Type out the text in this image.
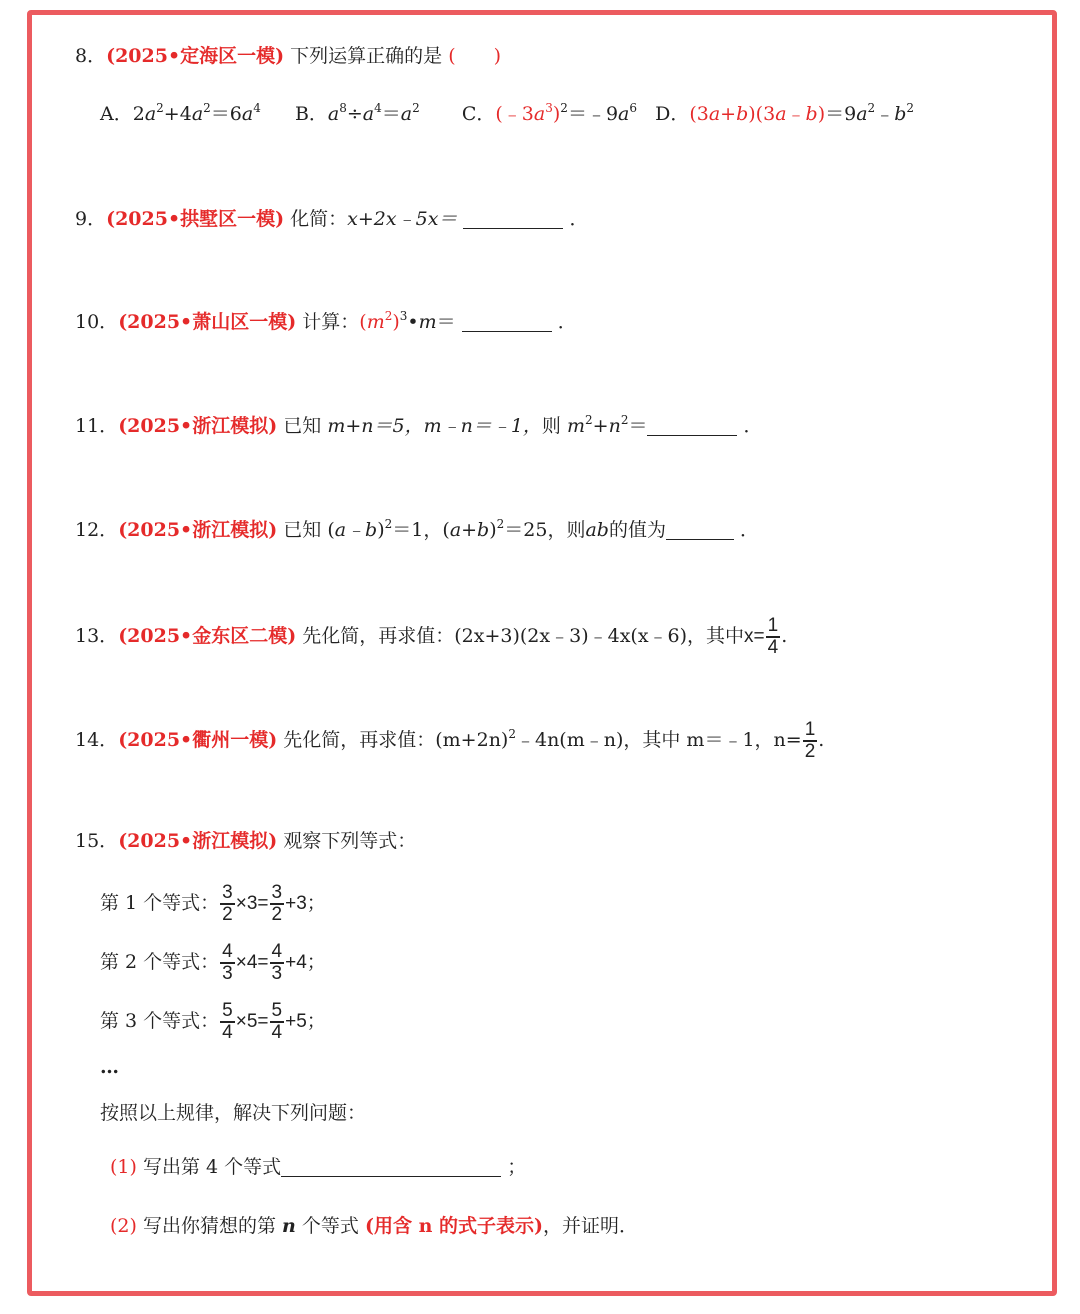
8．(2025•定海区一模) 下列运算正确的是 (　　)
A．$2a^2+4a^2=6a^4$ B．$a^8\div a^4=a^2$ C．$(﹣3a^3)^2=﹣9a^6$ D．$(3a+b)(3a﹣b)=9a^2﹣b^2$
9．(2025•拱墅区一模) 化简：x+2x﹣5x＝	．
10．(2025•萧山区一模) 计算：$(m^2)^3•m=$	．
11．(2025•浙江模拟) 已知 m+n＝5，m﹣n＝﹣1，则 $m^2+n^2=$	．
12．(2025•浙江模拟) 已知 (a﹣b)$^2$＝1，$(a+b)^2=25$，则ab的值为	．
13．(2025•金东区二模) 先化简，再求值：(2x+3)(2x﹣3)﹣4x(x﹣6)，其中$x= \frac{1}{4}$ .
14．(2025•衢州一模) 先化简，再求值：$(m+2n)^2﹣4n(m﹣n)$，其中 m＝﹣1，$n= \frac{1}{2}$ .
15．(2025•浙江模拟) 观察下列等式：
第 1 个等式： $\frac{3}{2} \times 3= \frac{3}{2} +3$；
第 2 个等式： $\frac{4}{3} \times 4= \frac{4}{3} +4$；
第 3 个等式： $\frac{5}{4} \times 5= \frac{5}{4} +5$；
…
按照以上规律，解决下列问题：
(1) 写出第 4 个等式	；
(2) 写出你猜想的第 n 个等式 (用含 n 的式子表示)，并证明．
